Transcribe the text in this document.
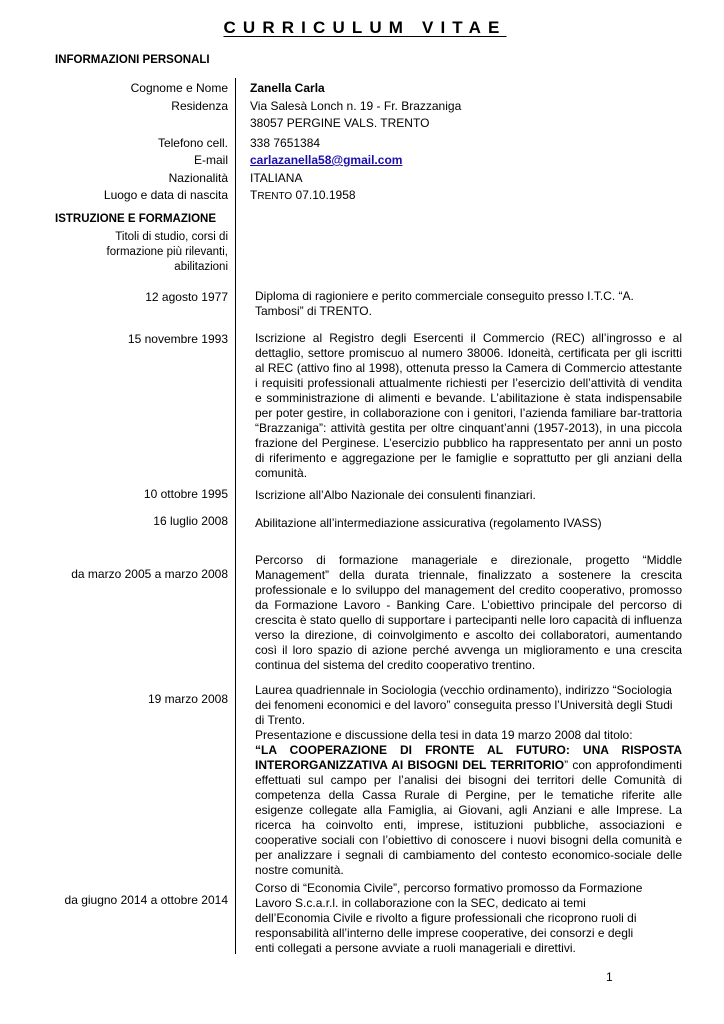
CURRICULUM VITAE
INFORMAZIONI PERSONALI
Cognome e Nome Zanella Carla
Residenza Via Salesà Lonch n. 19 - Fr. Brazzaniga
38057 PERGINE VALS. TRENTO
Telefono cell. 338 7651384
E-mail carlazanella58@gmail.com
Nazionalità ITALIANA
Luogo e data di nascita TRENTO 07.10.1958
ISTRUZIONE E FORMAZIONE
Titoli di studio, corsi di formazione più rilevanti, abilitazioni
12 agosto 1977 Diploma di ragioniere e perito commerciale conseguito presso I.T.C. “A. Tambosi” di TRENTO.
15 novembre 1993 Iscrizione al Registro degli Esercenti il Commercio (REC) all’ingrosso e al dettaglio, settore promiscuo al numero 38006. Idoneità, certificata per gli iscritti al REC (attivo fino al 1998), ottenuta presso la Camera di Commercio attestante i requisiti professionali attualmente richiesti per l’esercizio dell’attività di vendita e somministrazione di alimenti e bevande. L’abilitazione è stata indispensabile per poter gestire, in collaborazione con i genitori, l’azienda familiare bar-trattoria “Brazzaniga”: attività gestita per oltre cinquant’anni (1957-2013), in una piccola frazione del Perginese. L’esercizio pubblico ha rappresentato per anni un posto di riferimento e aggregazione per le famiglie e soprattutto per gli anziani della comunità.
10 ottobre 1995 Iscrizione all’Albo Nazionale dei consulenti finanziari.
16 luglio 2008 Abilitazione all’intermediazione assicurativa (regolamento IVASS)
da marzo 2005 a marzo 2008
Percorso di formazione manageriale e direzionale, progetto “Middle Management” della durata triennale, finalizzato a sostenere la crescita professionale e lo sviluppo del management del credito cooperativo, promosso da Formazione Lavoro - Banking Care. L’obiettivo principale del percorso di crescita è stato quello di supportare i partecipanti nelle loro capacità di influenza verso la direzione, di coinvolgimento e ascolto dei collaboratori, aumentando così il loro spazio di azione perché avvenga un miglioramento e una crescita continua del sistema del credito cooperativo trentino.
19 marzo 2008
Laurea quadriennale in Sociologia (vecchio ordinamento), indirizzo “Sociologia dei fenomeni economici e del lavoro” conseguita presso l’Università degli Studi di Trento.
Presentazione e discussione della tesi in data 19 marzo 2008 dal titolo:
“LA COOPERAZIONE DI FRONTE AL FUTURO: UNA RISPOSTA INTERORGANIZZATIVA AI BISOGNI DEL TERRITORIO” con approfondimenti effettuati sul campo per l’analisi dei bisogni dei territori delle Comunità di competenza della Cassa Rurale di Pergine, per le tematiche riferite alle esigenze collegate alla Famiglia, ai Giovani, agli Anziani e alle Imprese. La ricerca ha coinvolto enti, imprese, istituzioni pubbliche, associazioni e cooperative sociali con l’obiettivo di conoscere i nuovi bisogni della comunità e per analizzare i segnali di cambiamento del contesto economico-sociale delle nostre comunità.
da giugno 2014 a ottobre 2014
Corso di “Economia Civile”, percorso formativo promosso da Formazione Lavoro S.c.a.r.l. in collaborazione con la SEC, dedicato ai temi dell’Economia Civile e rivolto a figure professionali che ricoprono ruoli di responsabilità all’interno delle imprese cooperative, dei consorzi e degli enti collegati a persone avviate a ruoli manageriali e direttivi.
1
